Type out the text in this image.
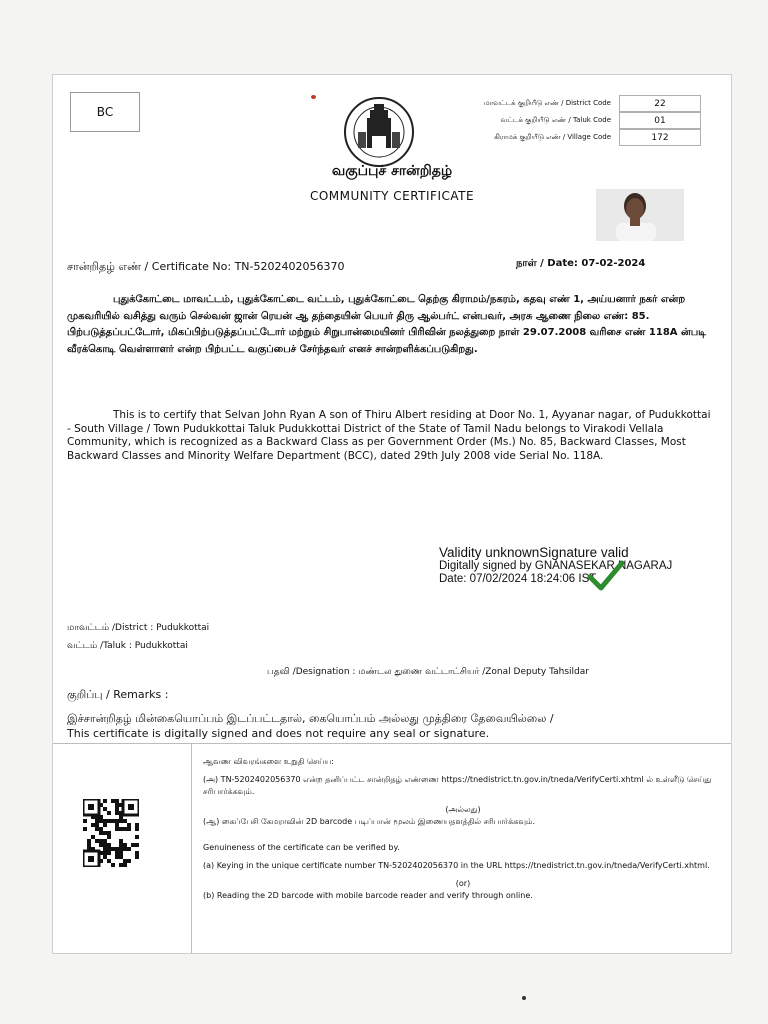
BC
மாவட்டக் குறியீடு எண் / District Code	22
வட்டக் குறியீடு எண் / Taluk Code	01
கிராமக் குறியீடு எண் / Village Code	172
வகுப்புச் சான்றிதழ்
COMMUNITY CERTIFICATE
சான்றிதழ் எண் / Certificate No: TN-5202402056370	நாள் / Date: 07-02-2024
புதுக்கோட்டை மாவட்டம், புதுக்கோட்டை வட்டம், புதுக்கோட்டை தெற்கு கிராமம்/நகரம், கதவு எண் 1, அய்யனார் நகர் என்ற முகவரியில் வசித்து வரும் செல்வன் ஜான் ரெயன் ஆ தந்தையின் பெயர் திரு ஆல்பர்ட் என்பவர், அரசு ஆணை நிலை எண்: 85. பிற்படுத்தப்பட்டோர், மிகப்பிற்படுத்தப்பட்டோர் மற்றும் சிறுபான்மையினர் பிரிவின் நலத்துறை நாள் 29.07.2008 வரிசை எண் 118A ன்படி வீரக்கொடி வெள்ளாளர் என்ற பிற்பட்ட வகுப்பைச் சேர்ந்தவர் எனச் சான்றளிக்கப்படுகிறது.
This is to certify that Selvan John Ryan A son of Thiru Albert residing at Door No. 1, Ayyanar nagar, of Pudukkottai - South Village / Town Pudukkottai Taluk Pudukkottai District of the State of Tamil Nadu belongs to Virakodi Vellala Community, which is recognized as a Backward Class as per Government Order (Ms.) No. 85, Backward Classes, Most Backward Classes and Minority Welfare Department (BCC), dated 29th July 2008 vide Serial No. 118A.
Validity unknownSignature valid
Digitally signed by GNANASEKAR NAGARAJ
Date: 07/02/2024 18:24:06 IST
மாவட்டம் /District : Pudukkottai
வட்டம் /Taluk : Pudukkottai
பதவி /Designation : மண்டல துணை வட்டாட்சியர் /Zonal Deputy Tahsildar
குறிப்பு / Remarks :
இச்சான்றிதழ் மின்கையொப்பம் இடப்பட்டதால், கையொப்பம் அல்லது முத்திரை தேவையில்லை /
This certificate is digitally signed and does not require any seal or signature.

ஆவண விவரங்களை உறுதி செய்ய:

(அ) TN-5202402056370 என்ற தனிப்பட்ட சான்றிதழ் எண்ணை https://tnedistrict.tn.gov.in/tneda/VerifyCerti.xhtml ல் உள்ளீடு செய்து சரிபார்க்கவும்.

(அல்லது)

(ஆ) கைப்பேசி கேமராவின் 2D barcode படிப்பான் மூலம் இணையதளத்தில் சரிபார்க்கவும்.

Genuineness of the certificate can be verified by.

(a) Keying in the unique certificate number TN-5202402056370 in the URL https://tnedistrict.tn.gov.in/tneda/VerifyCerti.xhtml.

(or)

(b) Reading the 2D barcode with mobile barcode reader and verify through online.
